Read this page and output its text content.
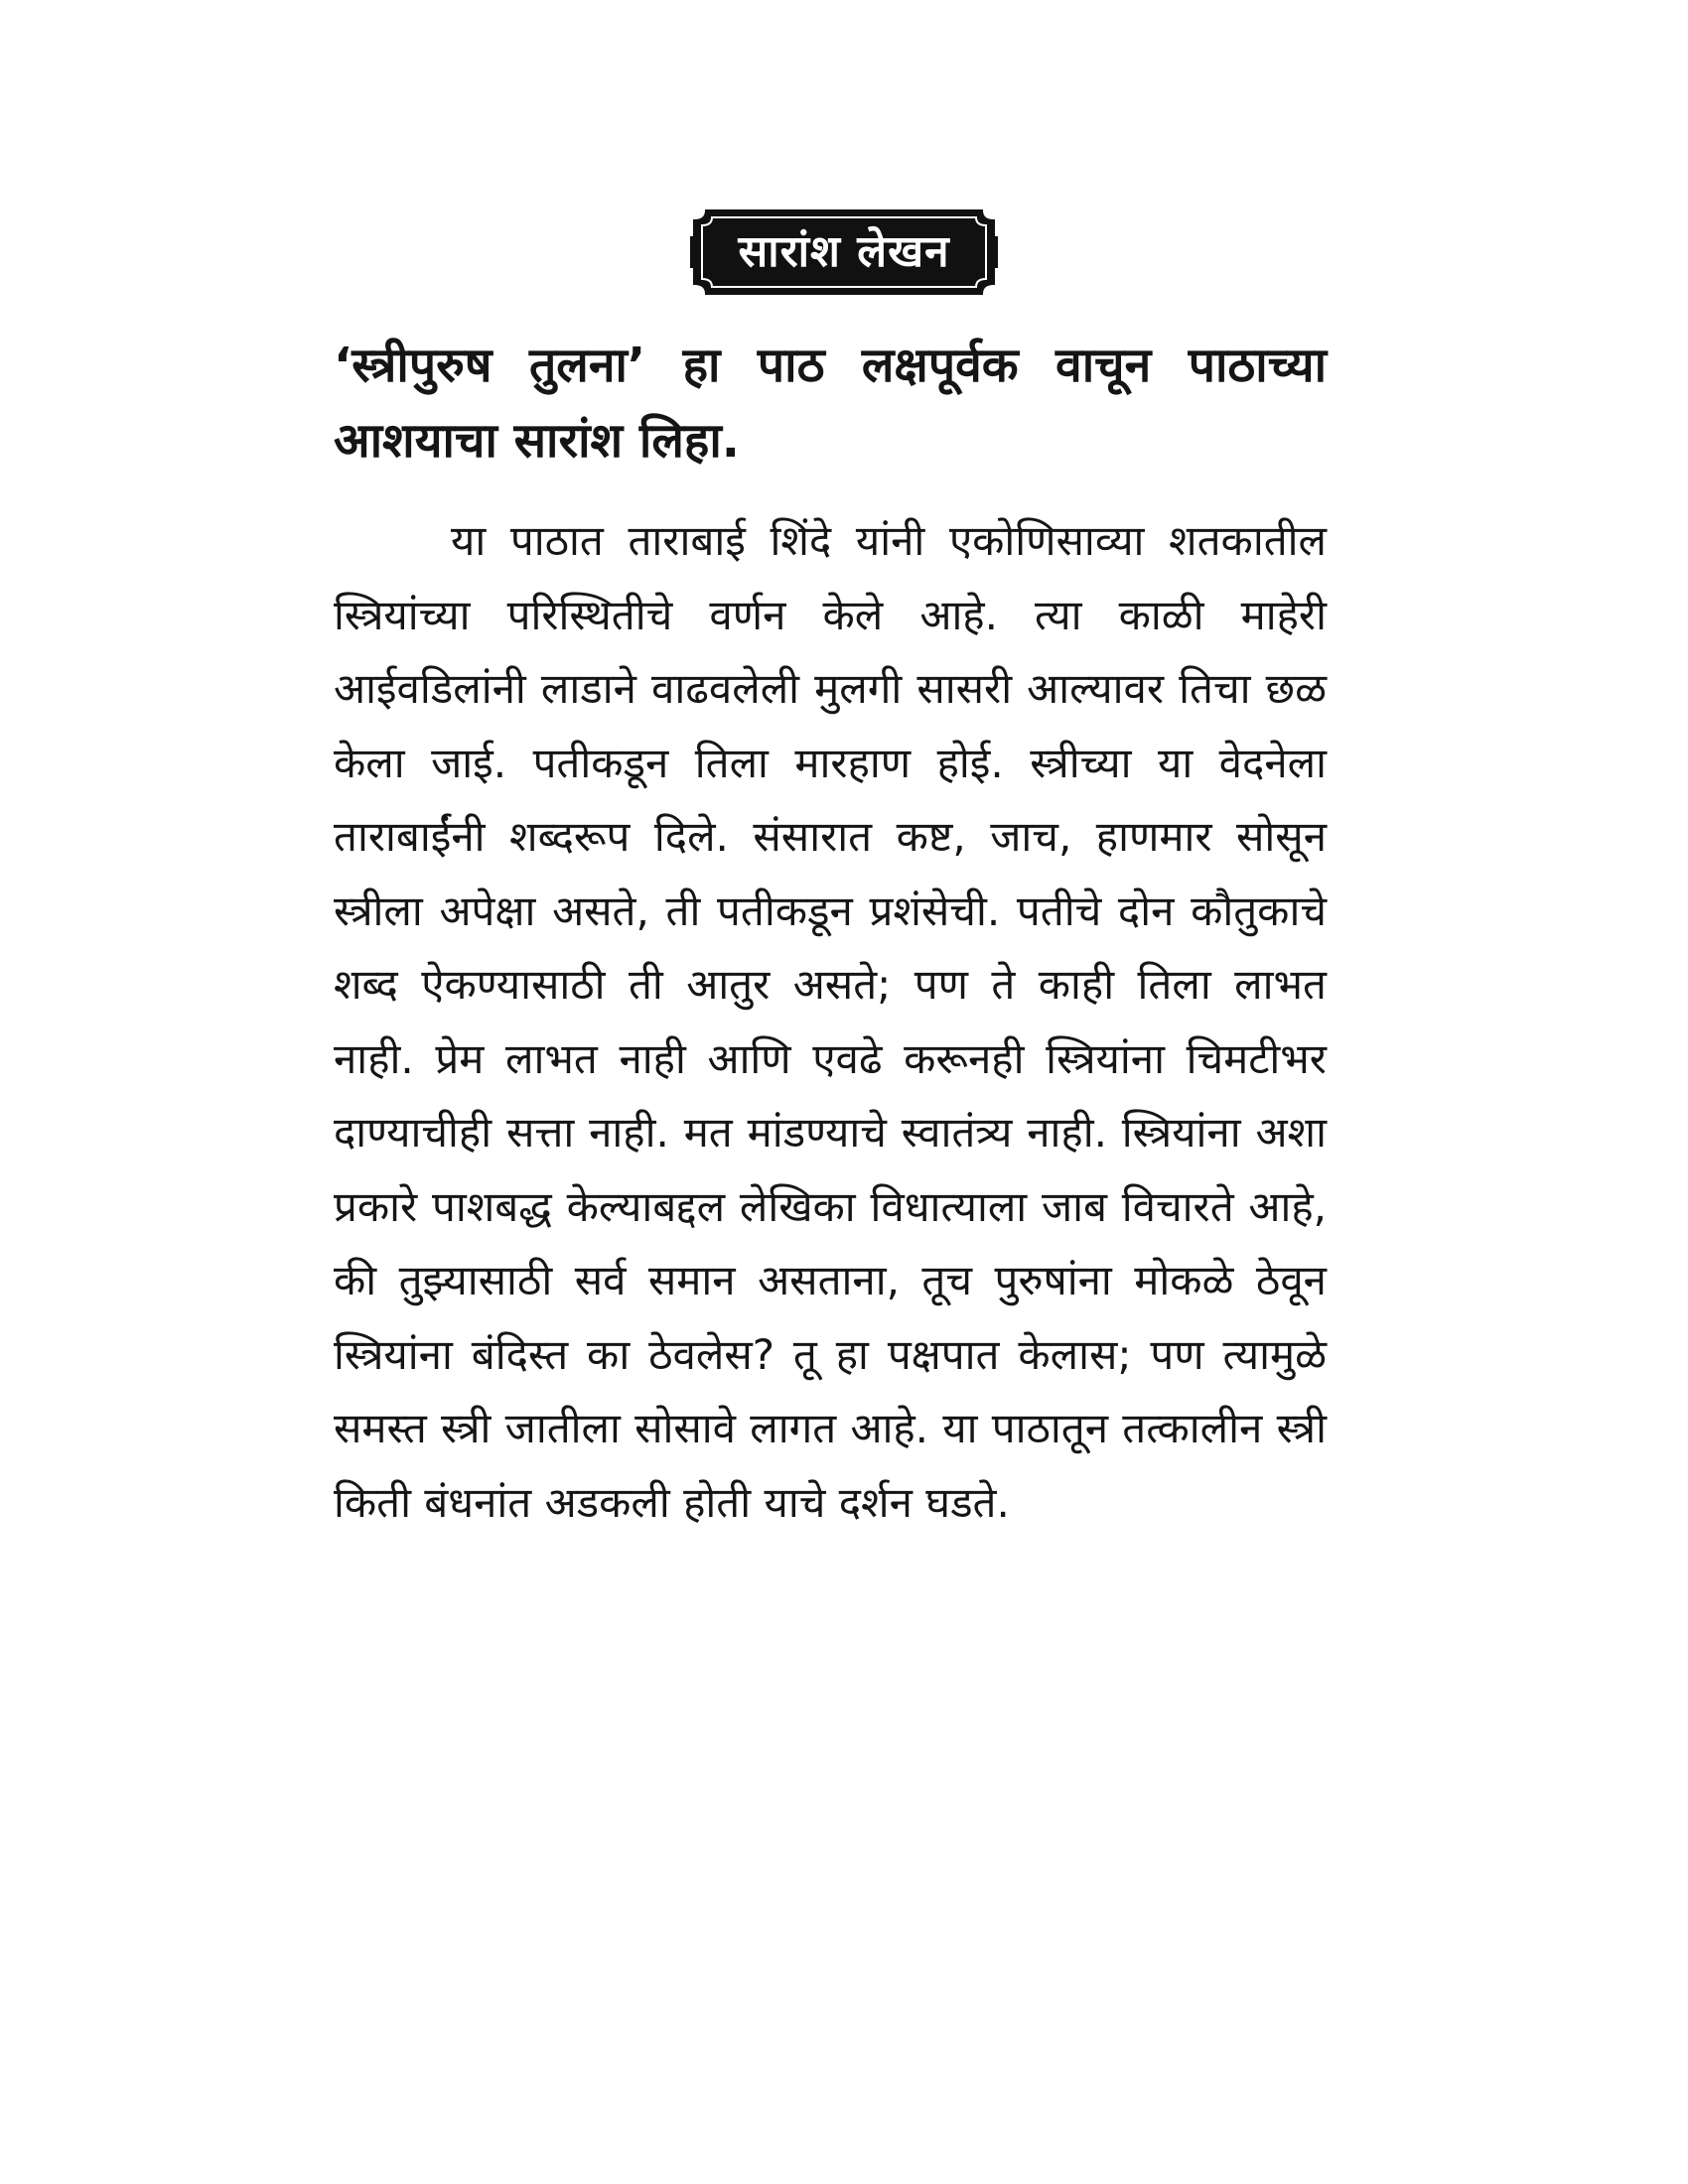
सारांश लेखन
‘स्त्रीपुरुष तुलना’ हा पाठ लक्षपूर्वक वाचून पाठाच्या आशयाचा सारांश लिहा.

या पाठात ताराबाई शिंदे यांनी एकोणिसाव्या शतकातील स्त्रियांच्या परिस्थितीचे वर्णन केले आहे. त्या काळी माहेरी आईवडिलांनी लाडाने वाढवलेली मुलगी सासरी आल्यावर तिचा छळ केला जाई. पतीकडून तिला मारहाण होई. स्त्रीच्या या वेदनेला ताराबाईंनी शब्दरूप दिले. संसारात कष्ट, जाच, हाणमार सोसून स्त्रीला अपेक्षा असते, ती पतीकडून प्रशंसेची. पतीचे दोन कौतुकाचे शब्द ऐकण्यासाठी ती आतुर असते; पण ते काही तिला लाभत नाही. प्रेम लाभत नाही आणि एवढे करूनही स्त्रियांना चिमटीभर दाण्याचीही सत्ता नाही. मत मांडण्याचे स्वातंत्र्य नाही. स्त्रियांना अशा प्रकारे पाशबद्ध केल्याबद्दल लेखिका विधात्याला जाब विचारते आहे, की तुझ्यासाठी सर्व समान असताना, तूच पुरुषांना मोकळे ठेवून स्त्रियांना बंदिस्त का ठेवलेस? तू हा पक्षपात केलास; पण त्यामुळे समस्त स्त्री जातीला सोसावे लागत आहे. या पाठातून तत्कालीन स्त्री किती बंधनांत अडकली होती याचे दर्शन घडते.
